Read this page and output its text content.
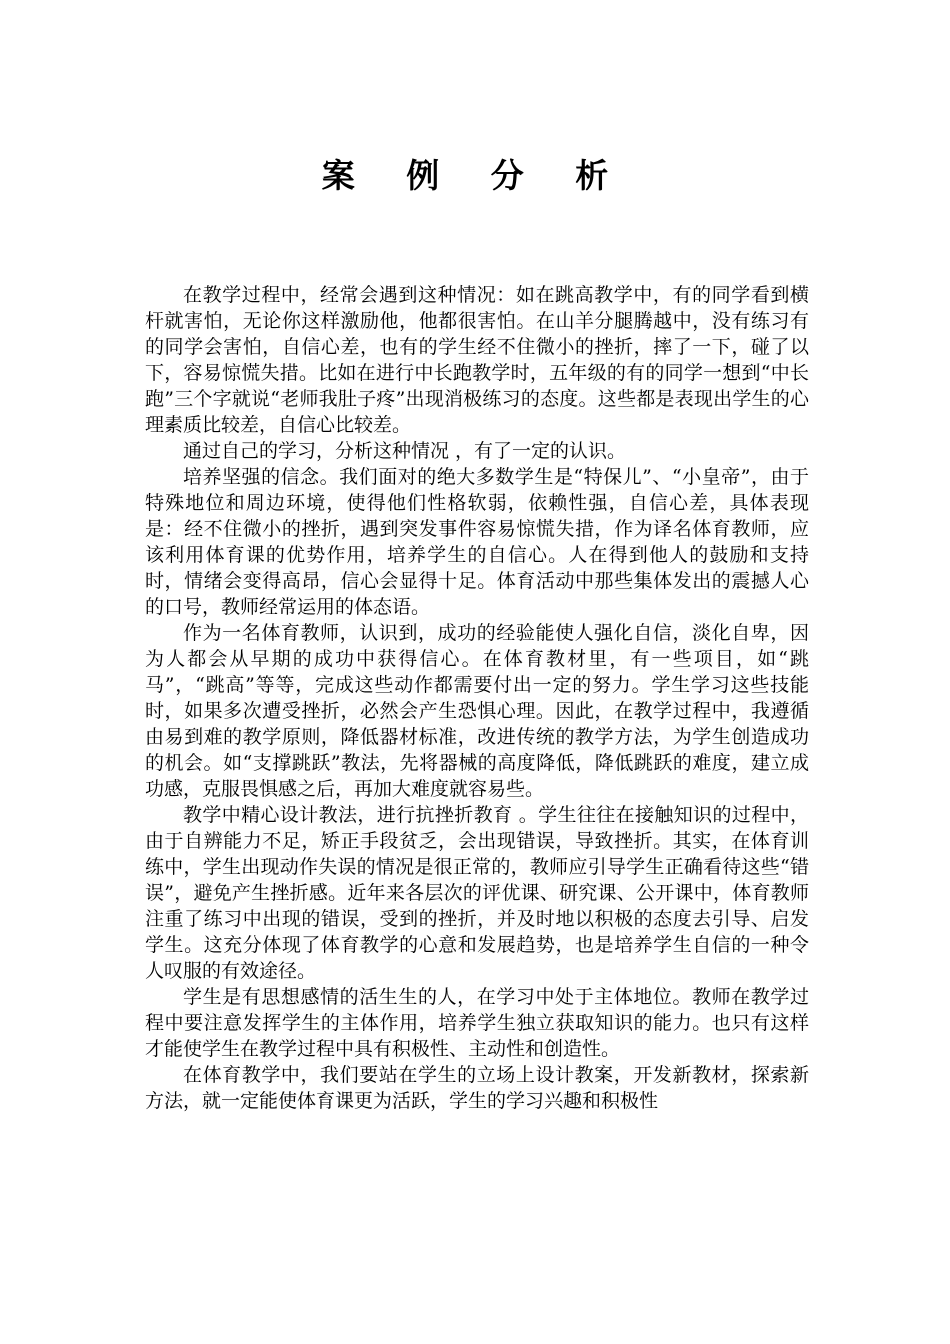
案 例 分 析

在教学过程中，经常会遇到这种情况：如在跳高教学中，有的同学看到横杆就害怕，无论你这样激励他，他都很害怕。在山羊分腿腾越中，没有练习有的同学会害怕，自信心差，也有的学生经不住微小的挫折，摔了一下，碰了以下，容易惊慌失措。比如在进行中长跑教学时，五年级的有的同学一想到“中长跑”三个字就说“老师我肚子疼”出现消极练习的态度。这些都是表现出学生的心理素质比较差，自信心比较差。

通过自己的学习，分析这种情况 ，有了一定的认识。

培养坚强的信念。我们面对的绝大多数学生是“特保儿”、“小皇帝”，由于特殊地位和周边环境，使得他们性格软弱，依赖性强，自信心差，具体表现是：经不住微小的挫折，遇到突发事件容易惊慌失措，作为译名体育教师，应该利用体育课的优势作用，培养学生的自信心。人在得到他人的鼓励和支持时，情绪会变得高昂，信心会显得十足。体育活动中那些集体发出的震撼人心的口号，教师经常运用的体态语。

作为一名体育教师，认识到，成功的经验能使人强化自信，淡化自卑，因为人都会从早期的成功中获得信心。在体育教材里，有一些项目，如“跳马”，“跳高”等等，完成这些动作都需要付出一定的努力。学生学习这些技能时，如果多次遭受挫折，必然会产生恐惧心理。因此，在教学过程中，我遵循由易到难的教学原则，降低器材标准，改进传统的教学方法，为学生创造成功的机会。如“支撑跳跃”教法，先将器械的高度降低，降低跳跃的难度，建立成功感，克服畏惧感之后，再加大难度就容易些。

教学中精心设计教法，进行抗挫折教育 。学生往往在接触知识的过程中，由于自辨能力不足，矫正手段贫乏，会出现错误，导致挫折。其实，在体育训练中，学生出现动作失误的情况是很正常的，教师应引导学生正确看待这些“错误”，避免产生挫折感。近年来各层次的评优课、研究课、公开课中，体育教师注重了练习中出现的错误，受到的挫折，并及时地以积极的态度去引导、启发学生。这充分体现了体育教学的心意和发展趋势，也是培养学生自信的一种令人叹服的有效途径。

学生是有思想感情的活生生的人，在学习中处于主体地位。教师在教学过程中要注意发挥学生的主体作用，培养学生独立获取知识的能力。也只有这样才能使学生在教学过程中具有积极性、主动性和创造性。

在体育教学中，我们要站在学生的立场上设计教案，开发新教材，探索新方法，就一定能使体育课更为活跃，学生的学习兴趣和积极性
